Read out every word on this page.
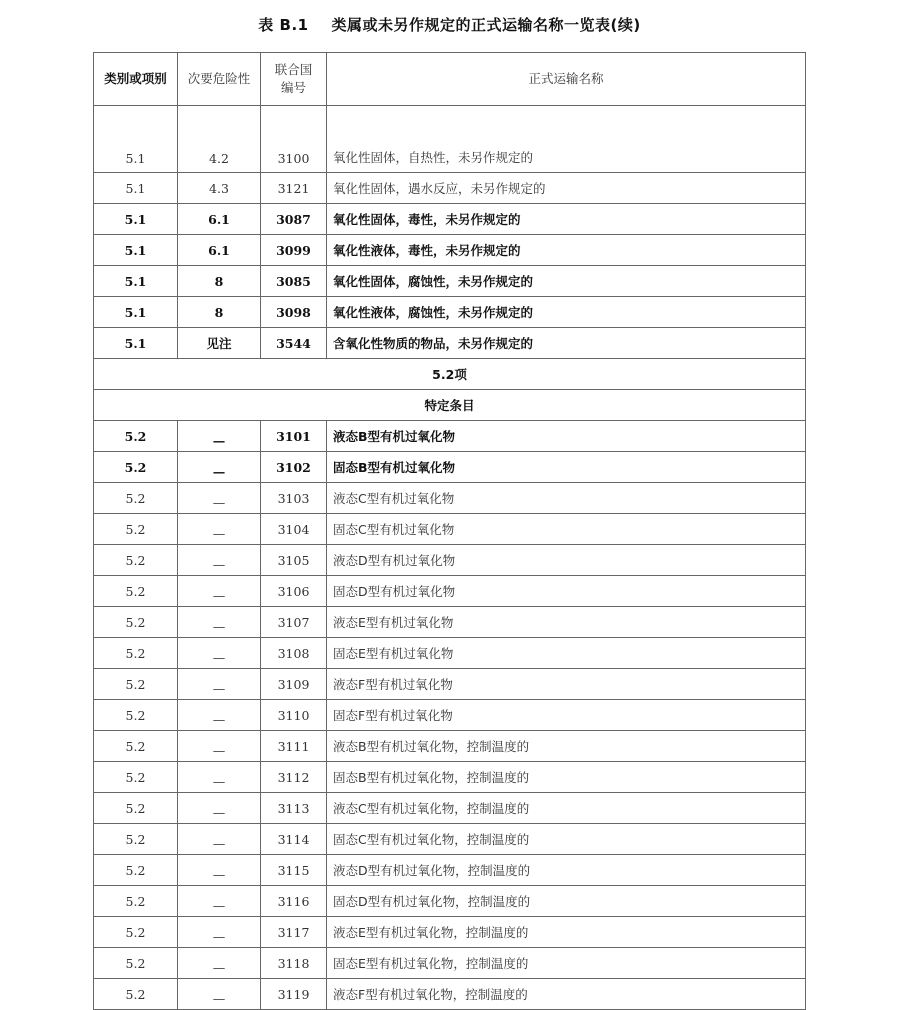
表 B.1    类属或未另作规定的正式运输名称一览表(续)
类别或项别	次要危险性	联合国编号	正式运输名称
5.1	4.2	3100	氧化性固体，自热性，未另作规定的
5.1	4.3	3121	氧化性固体，遇水反应，未另作规定的
5.1	6.1	3087	氧化性固体，毒性，未另作规定的
5.1	6.1	3099	氧化性液体，毒性，未另作规定的
5.1	8	3085	氧化性固体，腐蚀性，未另作规定的
5.1	8	3098	氧化性液体，腐蚀性，未另作规定的
5.1	见注	3544	含氧化性物质的物品，未另作规定的
5.2项			
特定条目			
5.2	—	3101	液态B型有机过氧化物
5.2	—	3102	固态B型有机过氧化物
5.2	—	3103	液态C型有机过氧化物
5.2	—	3104	固态C型有机过氧化物
5.2	—	3105	液态D型有机过氧化物
5.2	—	3106	固态D型有机过氧化物
5.2	—	3107	液态E型有机过氧化物
5.2	—	3108	固态E型有机过氧化物
5.2	—	3109	液态F型有机过氧化物
5.2	—	3110	固态F型有机过氧化物
5.2	—	3111	液态B型有机过氧化物，控制温度的
5.2	—	3112	固态B型有机过氧化物，控制温度的
5.2	—	3113	液态C型有机过氧化物，控制温度的
5.2	—	3114	固态C型有机过氧化物，控制温度的
5.2	—	3115	液态D型有机过氧化物，控制温度的
5.2	—	3116	固态D型有机过氧化物，控制温度的
5.2	—	3117	液态E型有机过氧化物，控制温度的
5.2	—	3118	固态E型有机过氧化物，控制温度的
5.2	—	3119	液态F型有机过氧化物，控制温度的
